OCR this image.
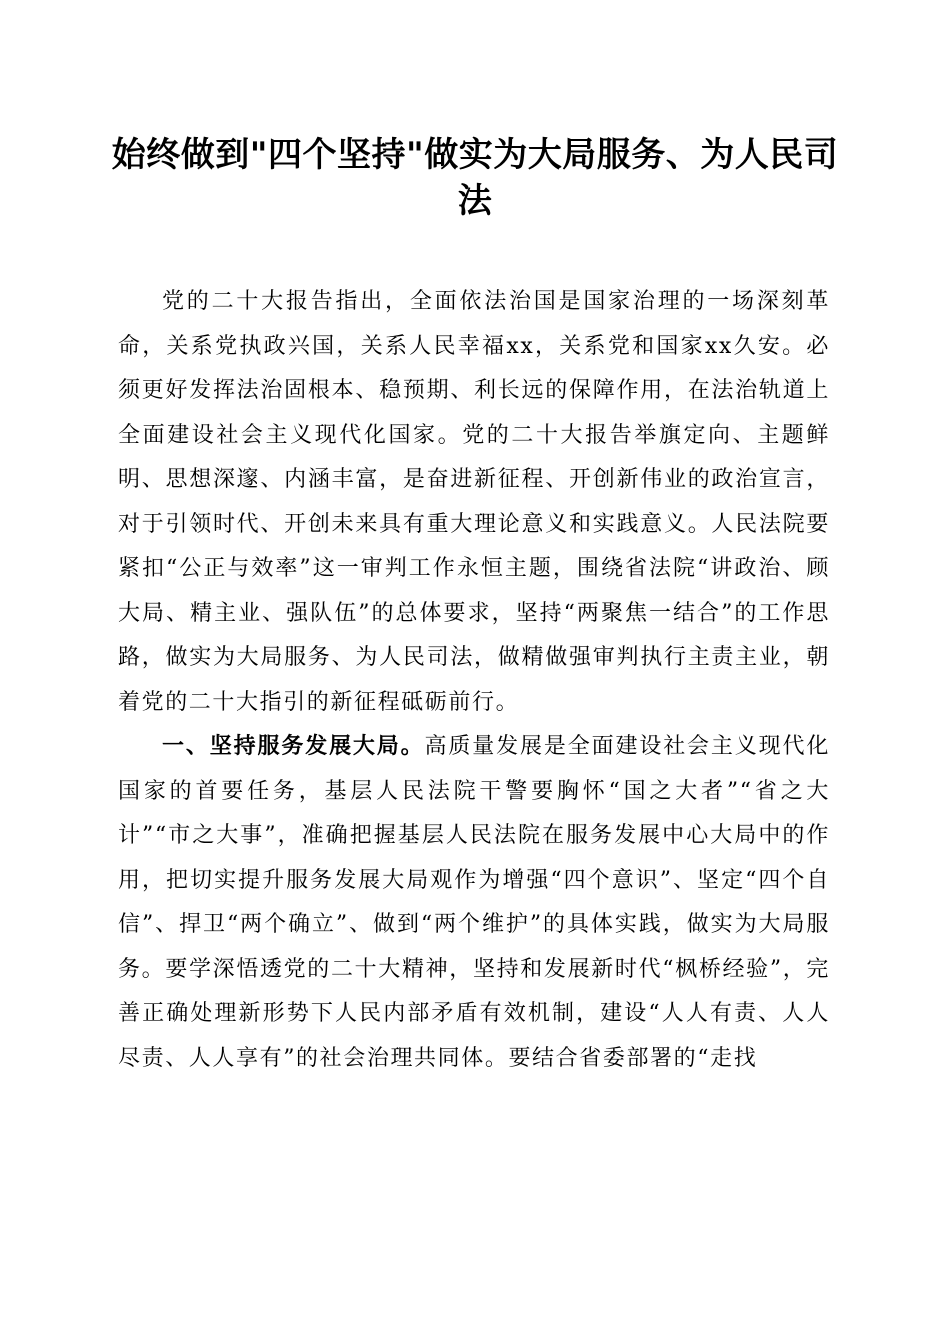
始终做到"四个坚持"做实为大局服务、为人民司法

党的二十大报告指出，全面依法治国是国家治理的一场深刻革命，关系党执政兴国，关系人民幸福xx，关系党和国家xx久安。必须更好发挥法治固根本、稳预期、利长远的保障作用，在法治轨道上全面建设社会主义现代化国家。党的二十大报告举旗定向、主题鲜明、思想深邃、内涵丰富，是奋进新征程、开创新伟业的政治宣言，对于引领时代、开创未来具有重大理论意义和实践意义。人民法院要紧扣“公正与效率”这一审判工作永恒主题，围绕省法院“讲政治、顾大局、精主业、强队伍”的总体要求，坚持“两聚焦一结合”的工作思路，做实为大局服务、为人民司法，做精做强审判执行主责主业，朝着党的二十大指引的新征程砥砺前行。

一、坚持服务发展大局。高质量发展是全面建设社会主义现代化国家的首要任务，基层人民法院干警要胸怀“国之大者”“省之大计”“市之大事”，准确把握基层人民法院在服务发展中心大局中的作用，把切实提升服务发展大局观作为增强“四个意识”、坚定“四个自信”、捍卫“两个确立”、做到“两个维护”的具体实践，做实为大局服务。要学深悟透党的二十大精神，坚持和发展新时代“枫桥经验”，完善正确处理新形势下人民内部矛盾有效机制，建设“人人有责、人人尽责、人人享有”的社会治理共同体。要结合省委部署的“走找
